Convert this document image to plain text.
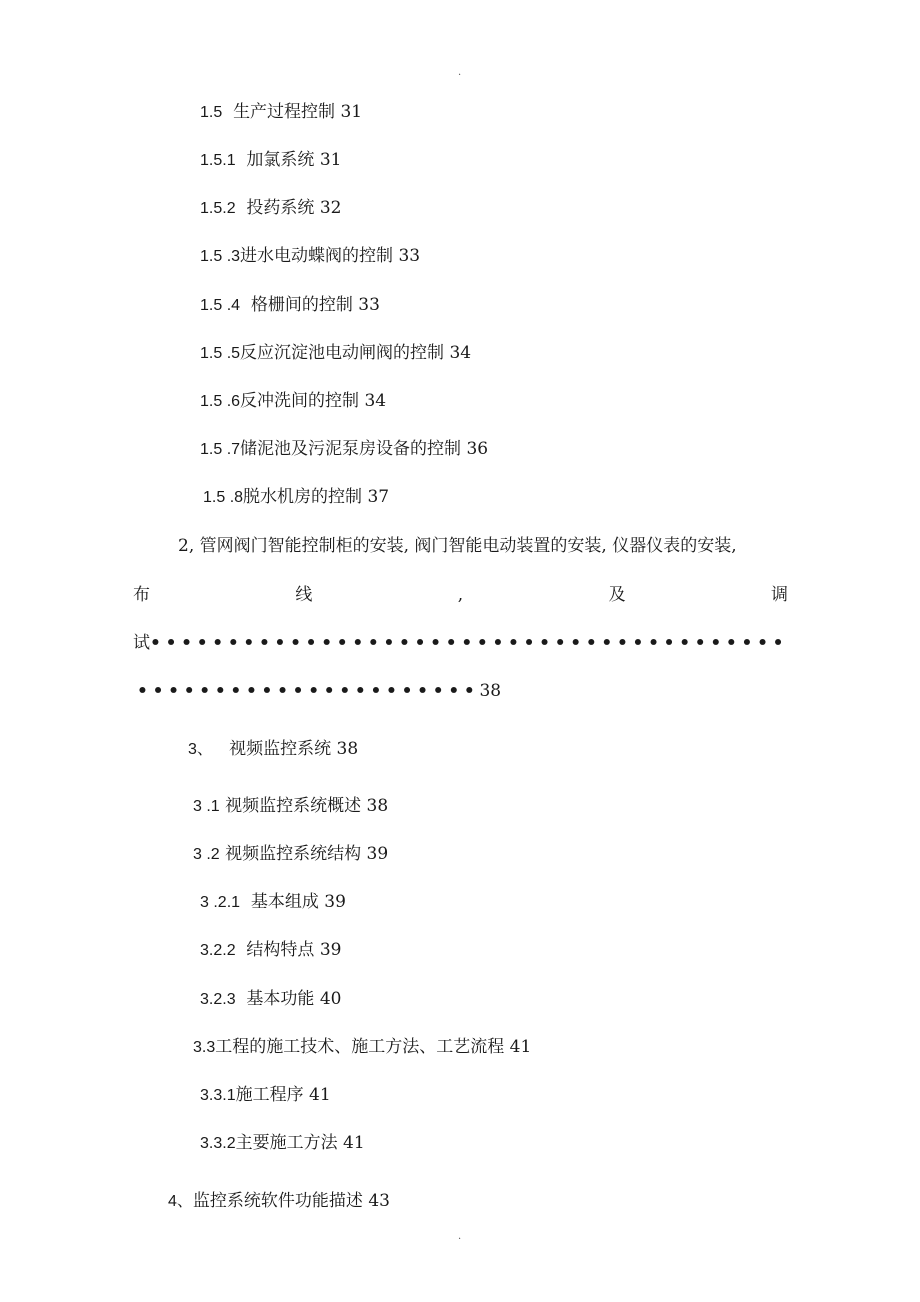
.
1.5 生产过程控制 31
1.5.1 加氯系统 31
1.5.2 投药系统 32
1.5 .3进水电动蝶阀的控制 33
1.5 .4 格栅间的控制 33
1.5 .5反应沉淀池电动闸阀的控制 34
1.5 .6反冲洗间的控制 34
1.5 .7储泥池及污泥泵房设备的控制 36
1.5 .8脱水机房的控制 37
2, 管网阀门智能控制柜的安装, 阀门智能电动装置的安装, 仪器仪表的安装,
布	线	,	及	调
试•••••••••••••••••••••••••••••••••••••••••
••••••••••••••••••••••38
3、 视频监控系统 38
3 .1 视频监控系统概述 38
3 .2 视频监控系统结构 39
3 .2.1 基本组成 39
3.2.2 结构特点 39
3.2.3 基本功能 40
3.3工程的施工技术、施工方法、工艺流程 41
3.3.1施工程序 41
3.3.2主要施工方法 41
4、监控系统软件功能描述 43
.
